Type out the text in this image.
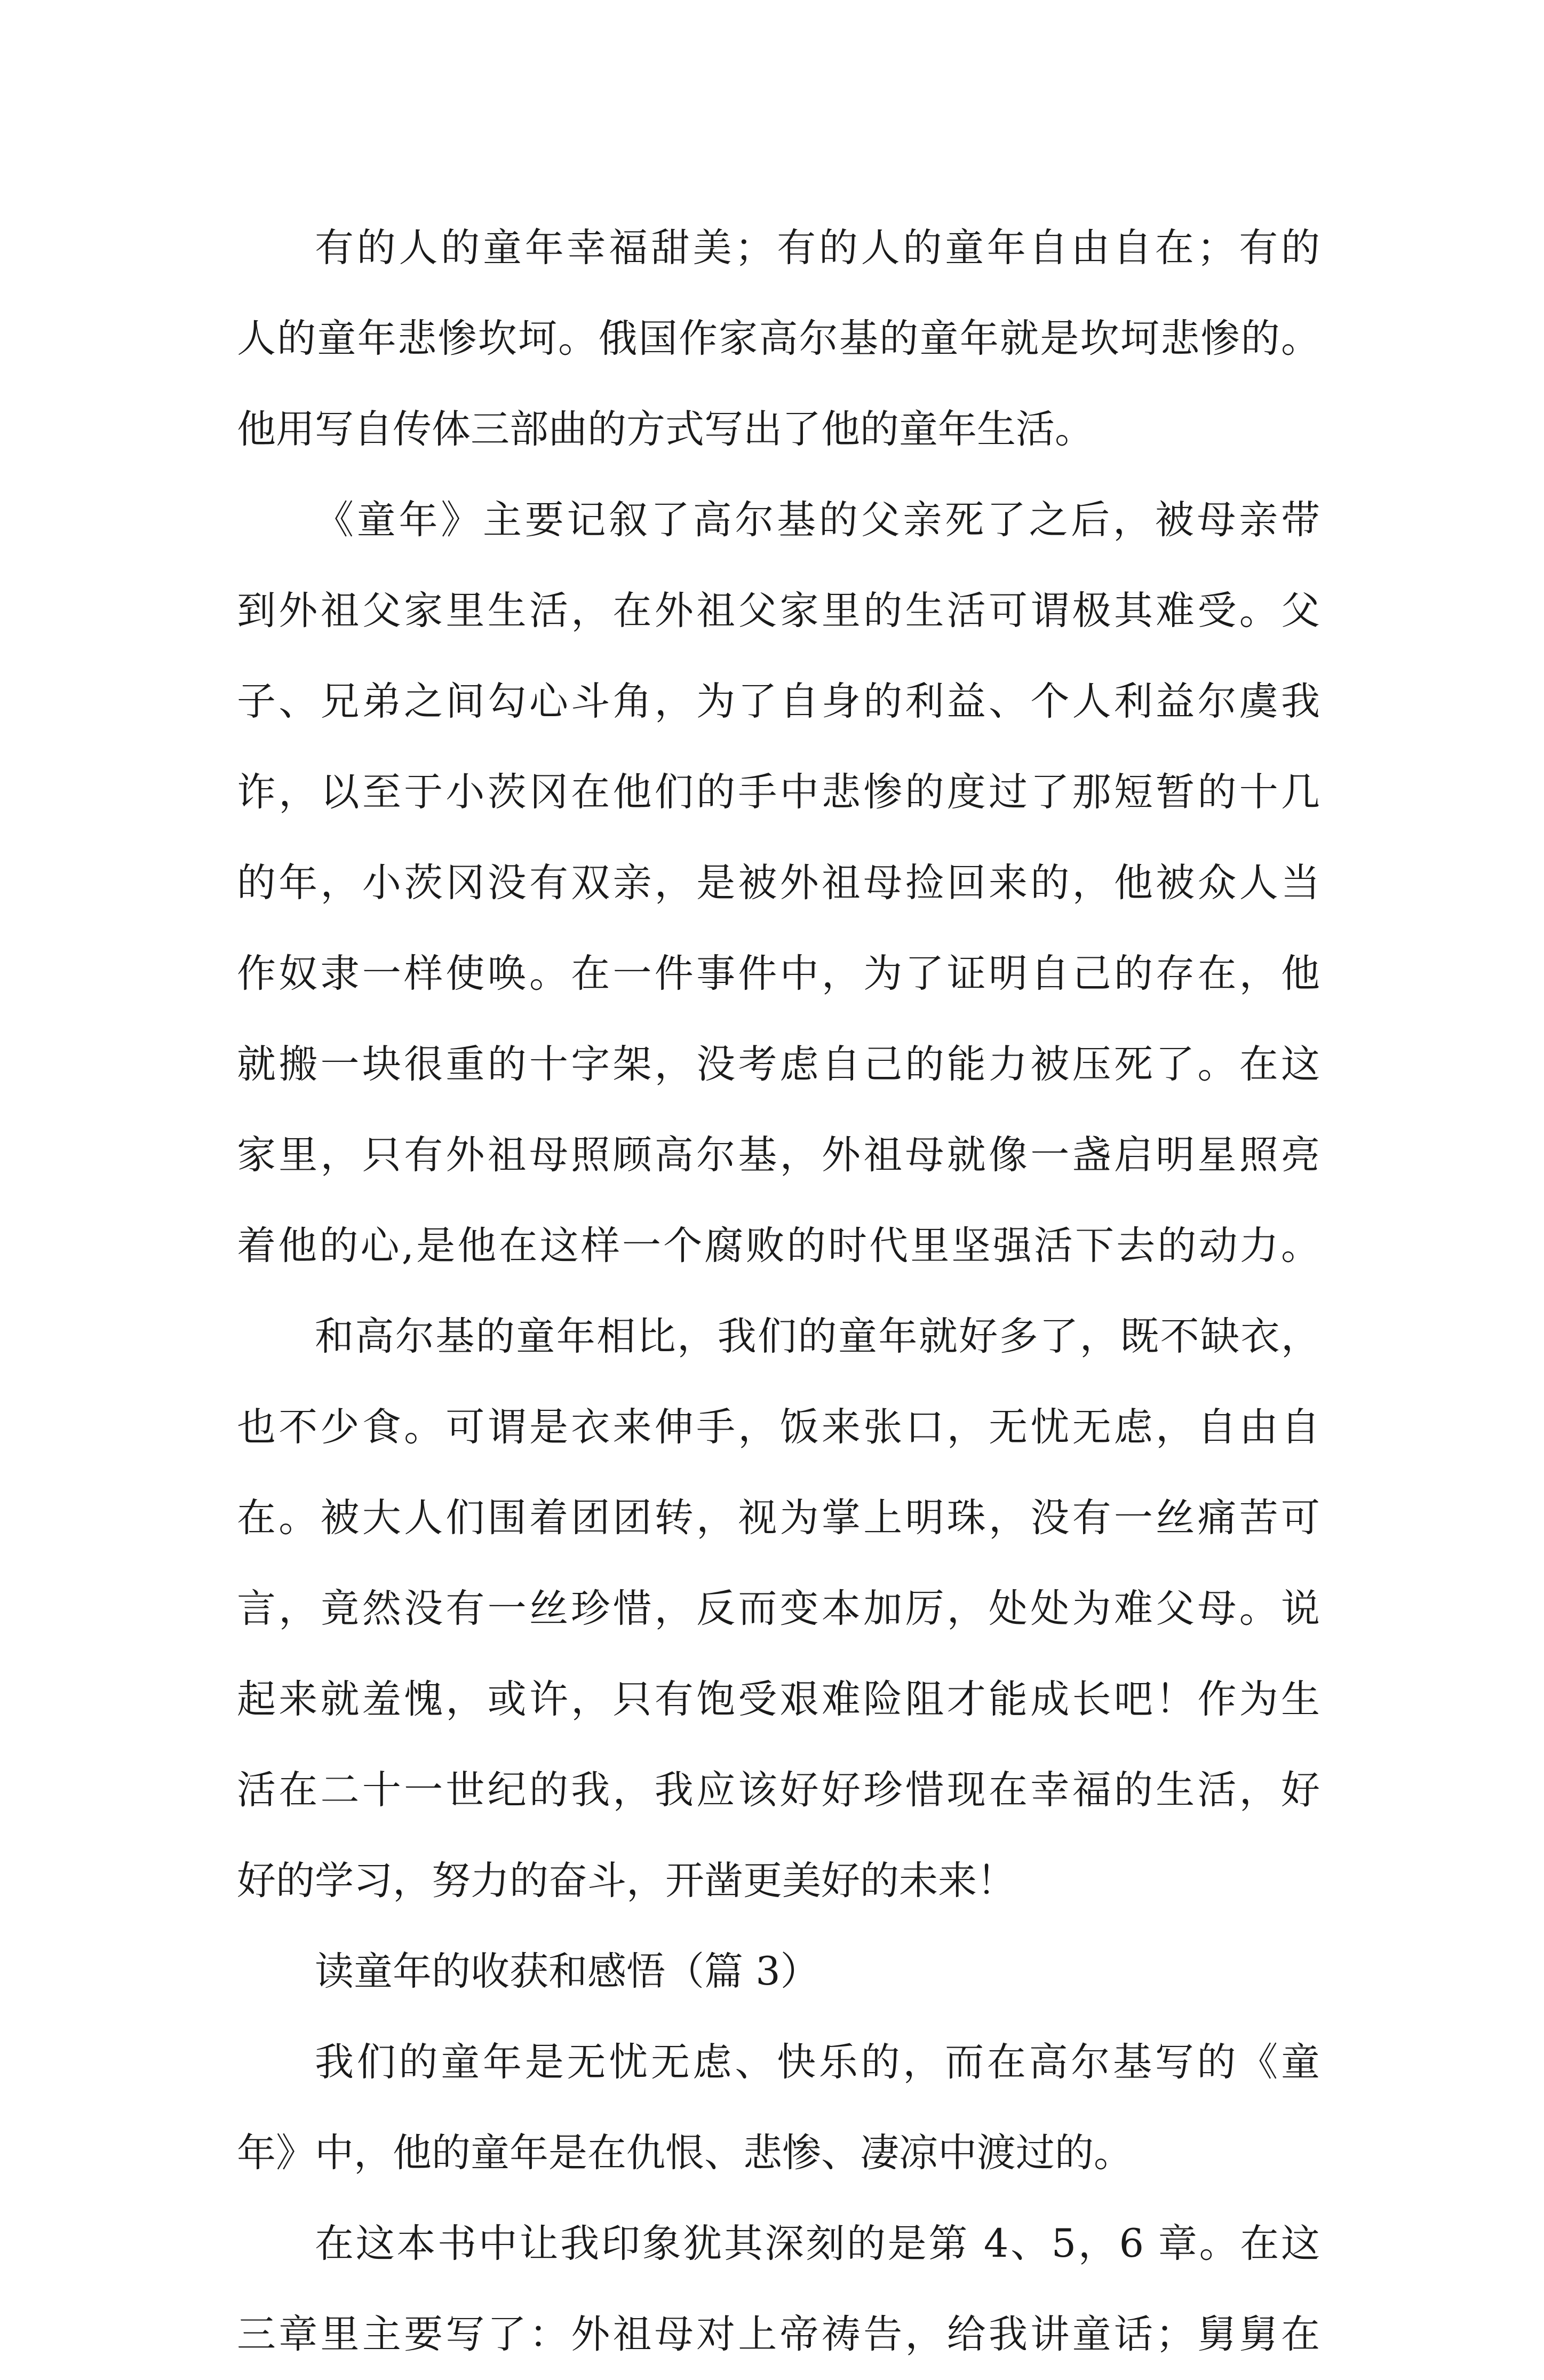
有的人的童年幸福甜美；有的人的童年自由自在；有的
人的童年悲惨坎坷。俄国作家高尔基的童年就是坎坷悲惨的。
他用写自传体三部曲的方式写出了他的童年生活。
《童年》主要记叙了高尔基的父亲死了之后，被母亲带
到外祖父家里生活，在外祖父家里的生活可谓极其难受。父
子、兄弟之间勾心斗角，为了自身的利益、个人利益尔虞我
诈，以至于小茨冈在他们的手中悲惨的度过了那短暂的十几
的年，小茨冈没有双亲，是被外祖母捡回来的，他被众人当
作奴隶一样使唤。在一件事件中，为了证明自己的存在，他
就搬一块很重的十字架，没考虑自己的能力被压死了。在这
家里，只有外祖母照顾高尔基，外祖母就像一盏启明星照亮
着他的心,是他在这样一个腐败的时代里坚强活下去的动力。
和高尔基的童年相比，我们的童年就好多了，既不缺衣，
也不少食。可谓是衣来伸手，饭来张口，无忧无虑，自由自
在。被大人们围着团团转，视为掌上明珠，没有一丝痛苦可
言，竟然没有一丝珍惜，反而变本加厉，处处为难父母。说
起来就羞愧，或许，只有饱受艰难险阻才能成长吧！作为生
活在二十一世纪的我，我应该好好珍惜现在幸福的生活，好
好的学习，努力的奋斗，开凿更美好的未来！
读童年的收获和感悟（篇 3）
我们的童年是无忧无虑、快乐的，而在高尔基写的《童
年》中，他的童年是在仇恨、悲惨、凄凉中渡过的。
在这本书中让我印象犹其深刻的是第 4、5，6 章。在这
三章里主要写了：外祖母对上帝祷告，给我讲童话；舅舅在
